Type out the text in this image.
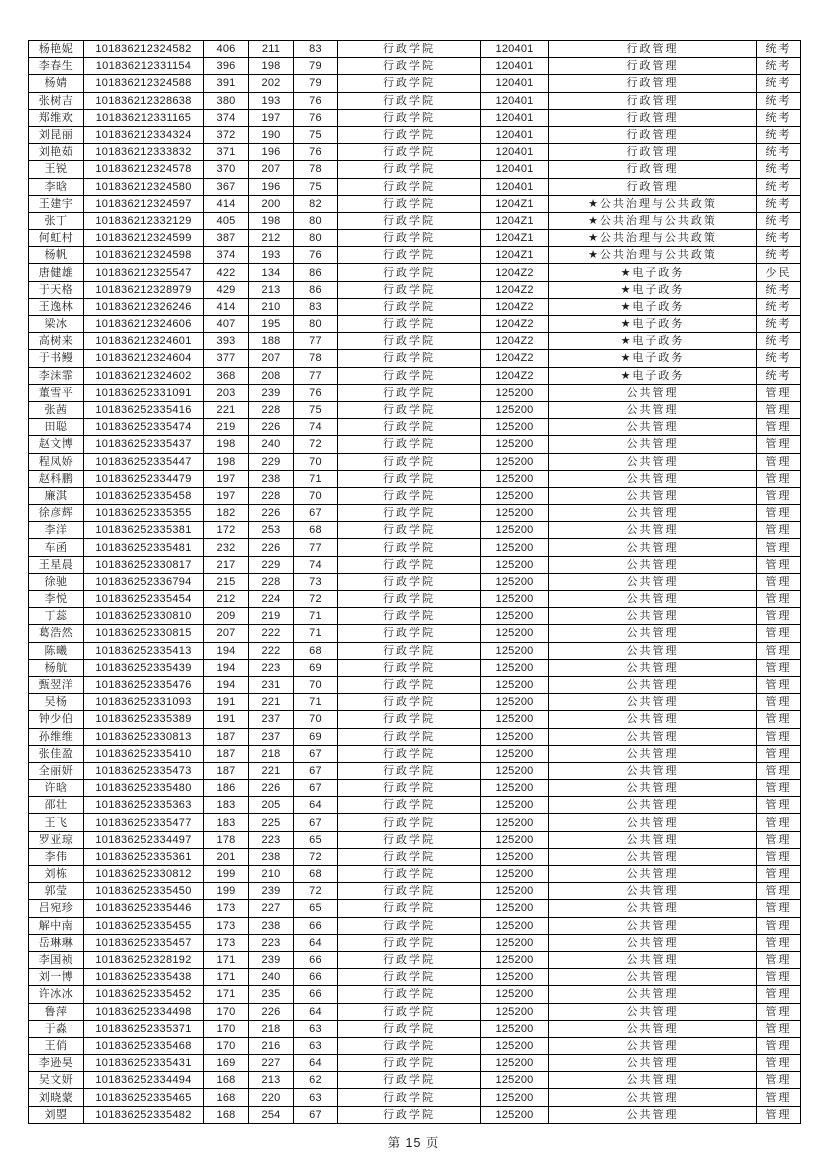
杨艳妮	101836212324582	406	211	83	行政学院	120401	行政管理	统考
李春生	101836212331154	396	198	79	行政学院	120401	行政管理	统考
杨婧	101836212324588	391	202	79	行政学院	120401	行政管理	统考
张树吉	101836212328638	380	193	76	行政学院	120401	行政管理	统考
郑维欢	101836212331165	374	197	76	行政学院	120401	行政管理	统考
刘昆丽	101836212334324	372	190	75	行政学院	120401	行政管理	统考
刘艳茹	101836212333832	371	196	76	行政学院	120401	行政管理	统考
王锐	101836212324578	370	207	78	行政学院	120401	行政管理	统考
李晗	101836212324580	367	196	75	行政学院	120401	行政管理	统考
王建宇	101836212324597	414	200	82	行政学院	1204Z1	★公共治理与公共政策	统考
张丁	101836212332129	405	198	80	行政学院	1204Z1	★公共治理与公共政策	统考
何虹村	101836212324599	387	212	80	行政学院	1204Z1	★公共治理与公共政策	统考
杨帆	101836212324598	374	193	76	行政学院	1204Z1	★公共治理与公共政策	统考
唐健雄	101836212325547	422	134	86	行政学院	1204Z2	★电子政务	少民
于天格	101836212328979	429	213	86	行政学院	1204Z2	★电子政务	统考
王逸林	101836212326246	414	210	83	行政学院	1204Z2	★电子政务	统考
梁冰	101836212324606	407	195	80	行政学院	1204Z2	★电子政务	统考
高树来	101836212324601	393	188	77	行政学院	1204Z2	★电子政务	统考
于书鳗	101836212324604	377	207	78	行政学院	1204Z2	★电子政务	统考
李沫霏	101836212324602	368	208	77	行政学院	1204Z2	★电子政务	统考
董雪平	101836252331091	203	239	76	行政学院	125200	公共管理	管理
张茜	101836252335416	221	228	75	行政学院	125200	公共管理	管理
田聪	101836252335474	219	226	74	行政学院	125200	公共管理	管理
赵文博	101836252335437	198	240	72	行政学院	125200	公共管理	管理
程凤娇	101836252335447	198	229	70	行政学院	125200	公共管理	管理
赵科鹏	101836252334479	197	238	71	行政学院	125200	公共管理	管理
廉淇	101836252335458	197	228	70	行政学院	125200	公共管理	管理
徐彦辉	101836252335355	182	226	67	行政学院	125200	公共管理	管理
李洋	101836252335381	172	253	68	行政学院	125200	公共管理	管理
车函	101836252335481	232	226	77	行政学院	125200	公共管理	管理
王星晨	101836252330817	217	229	74	行政学院	125200	公共管理	管理
徐驰	101836252336794	215	228	73	行政学院	125200	公共管理	管理
李悦	101836252335454	212	224	72	行政学院	125200	公共管理	管理
丁蕊	101836252330810	209	219	71	行政学院	125200	公共管理	管理
葛浩然	101836252330815	207	222	71	行政学院	125200	公共管理	管理
陈曦	101836252335413	194	222	68	行政学院	125200	公共管理	管理
杨航	101836252335439	194	223	69	行政学院	125200	公共管理	管理
甄翌洋	101836252335476	194	231	70	行政学院	125200	公共管理	管理
吴杨	101836252331093	191	221	71	行政学院	125200	公共管理	管理
钟少伯	101836252335389	191	237	70	行政学院	125200	公共管理	管理
孙维维	101836252330813	187	237	69	行政学院	125200	公共管理	管理
张佳盈	101836252335410	187	218	67	行政学院	125200	公共管理	管理
全丽妍	101836252335473	187	221	67	行政学院	125200	公共管理	管理
许晗	101836252335480	186	226	67	行政学院	125200	公共管理	管理
邵壮	101836252335363	183	205	64	行政学院	125200	公共管理	管理
王飞	101836252335477	183	225	67	行政学院	125200	公共管理	管理
罗亚琼	101836252334497	178	223	65	行政学院	125200	公共管理	管理
李伟	101836252335361	201	238	72	行政学院	125200	公共管理	管理
刘栋	101836252330812	199	210	68	行政学院	125200	公共管理	管理
郭莹	101836252335450	199	239	72	行政学院	125200	公共管理	管理
吕宛珍	101836252335446	173	227	65	行政学院	125200	公共管理	管理
解中南	101836252335455	173	238	66	行政学院	125200	公共管理	管理
岳琳琳	101836252335457	173	223	64	行政学院	125200	公共管理	管理
李国祯	101836252328192	171	239	66	行政学院	125200	公共管理	管理
刘一博	101836252335438	171	240	66	行政学院	125200	公共管理	管理
许冰冰	101836252335452	171	235	66	行政学院	125200	公共管理	管理
鲁萍	101836252334498	170	226	64	行政学院	125200	公共管理	管理
于淼	101836252335371	170	218	63	行政学院	125200	公共管理	管理
王俏	101836252335468	170	216	63	行政学院	125200	公共管理	管理
李逊昊	101836252335431	169	227	64	行政学院	125200	公共管理	管理
吴文妍	101836252334494	168	213	62	行政学院	125200	公共管理	管理
刘晓蒙	101836252335465	168	220	63	行政学院	125200	公共管理	管理
刘曌	101836252335482	168	254	67	行政学院	125200	公共管理	管理
第 15 页
